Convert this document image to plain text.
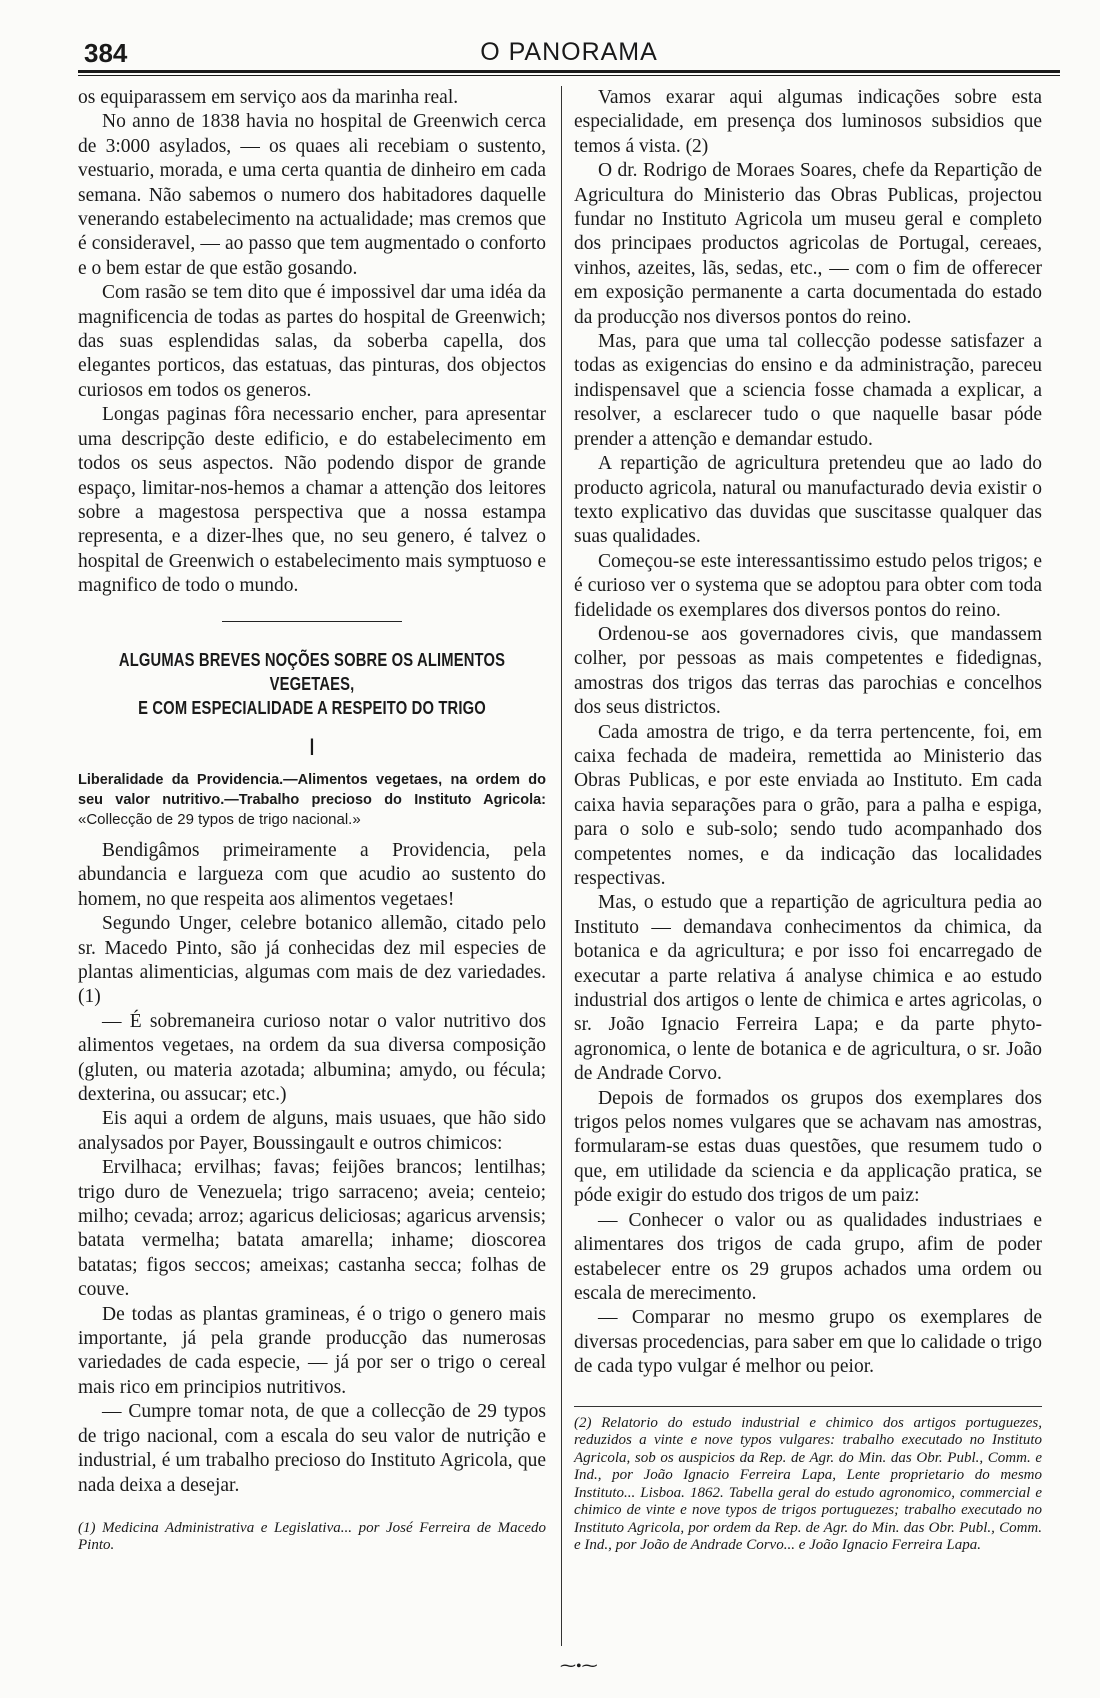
384	O PANORAMA

os equiparassem em serviço aos da marinha real.

No anno de 1838 havia no hospital de Greenwich cerca de 3:000 asylados, — os quaes ali recebiam o sustento, vestuario, morada, e uma certa quantia de dinheiro em cada semana. Não sabemos o numero dos habitadores daquelle venerando estabelecimento na actualidade; mas cremos que é consideravel, — ao passo que tem augmentado o conforto e o bem estar de que estão gosando.

Com rasão se tem dito que é impossivel dar uma idéa da magnificencia de todas as partes do hospital de Greenwich; das suas esplendidas salas, da soberba capella, dos elegantes porticos, das estatuas, das pinturas, dos objectos curiosos em todos os generos.

Longas paginas fôra necessario encher, para apresentar uma descripção deste edificio, e do estabelecimento em todos os seus aspectos. Não podendo dispor de grande espaço, limitar-nos-hemos a chamar a attenção dos leitores sobre a magestosa perspectiva que a nossa estampa representa, e a dizer-lhes que, no seu genero, é talvez o hospital de Greenwich o estabelecimento mais symptuoso e magnifico de todo o mundo.

ALGUMAS BREVES NOÇÕES SOBRE OS ALIMENTOS VEGETAES,
E COM ESPECIALIDADE A RESPEITO DO TRIGO
I
Liberalidade da Providencia.—Alimentos vegetaes, na ordem do seu valor nutritivo.—Trabalho precioso do Instituto Agricola: «Collecção de 29 typos de trigo nacional.»

Bendigâmos primeiramente a Providencia, pela abundancia e largueza com que acudio ao sustento do homem, no que respeita aos alimentos vegetaes!

Segundo Unger, celebre botanico allemão, citado pelo sr. Macedo Pinto, são já conhecidas dez mil especies de plantas alimenticias, algumas com mais de dez variedades. (1)

— É sobremaneira curioso notar o valor nutritivo dos alimentos vegetaes, na ordem da sua diversa composição (gluten, ou materia azotada; albumina; amydo, ou fécula; dexterina, ou assucar; etc.)

Eis aqui a ordem de alguns, mais usuaes, que hão sido analysados por Payer, Boussingault e outros chimicos:

Ervilhaca; ervilhas; favas; feijões brancos; lentilhas; trigo duro de Venezuela; trigo sarraceno; aveia; centeio; milho; cevada; arroz; agaricus deliciosas; agaricus arvensis; batata vermelha; batata amarella; inhame; dioscorea batatas; figos seccos; ameixas; castanha secca; folhas de couve.

De todas as plantas gramineas, é o trigo o genero mais importante, já pela grande producção das numerosas variedades de cada especie, — já por ser o trigo o cereal mais rico em principios nutritivos.

— Cumpre tomar nota, de que a collecção de 29 typos de trigo nacional, com a escala do seu valor de nutrição e industrial, é um trabalho precioso do Instituto Agricola, que nada deixa a desejar.

(1) Medicina Administrativa e Legislativa... por José Ferreira de Macedo Pinto.

Vamos exarar aqui algumas indicações sobre esta especialidade, em presença dos luminosos subsidios que temos á vista. (2)

O dr. Rodrigo de Moraes Soares, chefe da Repartição de Agricultura do Ministerio das Obras Publicas, projectou fundar no Instituto Agricola um museu geral e completo dos principaes productos agricolas de Portugal, cereaes, vinhos, azeites, lãs, sedas, etc., — com o fim de offerecer em exposição permanente a carta documentada do estado da producção nos diversos pontos do reino.

Mas, para que uma tal collecção podesse satisfazer a todas as exigencias do ensino e da administração, pareceu indispensavel que a sciencia fosse chamada a explicar, a resolver, a esclarecer tudo o que naquelle basar póde prender a attenção e demandar estudo.

A repartição de agricultura pretendeu que ao lado do producto agricola, natural ou manufacturado devia existir o texto explicativo das duvidas que suscitasse qualquer das suas qualidades.

Começou-se este interessantissimo estudo pelos trigos; e é curioso ver o systema que se adoptou para obter com toda fidelidade os exemplares dos diversos pontos do reino.

Ordenou-se aos governadores civis, que mandassem colher, por pessoas as mais competentes e fidedignas, amostras dos trigos das terras das parochias e concelhos dos seus districtos.

Cada amostra de trigo, e da terra pertencente, foi, em caixa fechada de madeira, remettida ao Ministerio das Obras Publicas, e por este enviada ao Instituto. Em cada caixa havia separações para o grão, para a palha e espiga, para o solo e sub-solo; sendo tudo acompanhado dos competentes nomes, e da indicação das localidades respectivas.

Mas, o estudo que a repartição de agricultura pedia ao Instituto — demandava conhecimentos da chimica, da botanica e da agricultura; e por isso foi encarregado de executar a parte relativa á analyse chimica e ao estudo industrial dos artigos o lente de chimica e artes agricolas, o sr. João Ignacio Ferreira Lapa; e da parte phyto-agronomica, o lente de botanica e de agricultura, o sr. João de Andrade Corvo.

Depois de formados os grupos dos exemplares dos trigos pelos nomes vulgares que se achavam nas amostras, formularam-se estas duas questões, que resumem tudo o que, em utilidade da sciencia e da applicação pratica, se póde exigir do estudo dos trigos de um paiz:

— Conhecer o valor ou as qualidades industriaes e alimentares dos trigos de cada grupo, afim de poder estabelecer entre os 29 grupos achados uma ordem ou escala de merecimento.

— Comparar no mesmo grupo os exemplares de diversas procedencias, para saber em que lo calidade o trigo de cada typo vulgar é melhor ou peior.

(2) Relatorio do estudo industrial e chimico dos artigos portuguezes, reduzidos a vinte e nove typos vulgares: trabalho executado no Instituto Agricola, sob os auspicios da Rep. de Agr. do Min. das Obr. Publ., Comm. e Ind., por João Ignacio Ferreira Lapa, Lente proprietario do mesmo Instituto... Lisboa. 1862. Tabella geral do estudo agronomico, commercial e chimico de vinte e nove typos de trigos portuguezes; trabalho executado no Instituto Agricola, por ordem da Rep. de Agr. do Min. das Obr. Publ., Comm. e Ind., por João de Andrade Corvo... e João Ignacio Ferreira Lapa.
⁓•⁓
